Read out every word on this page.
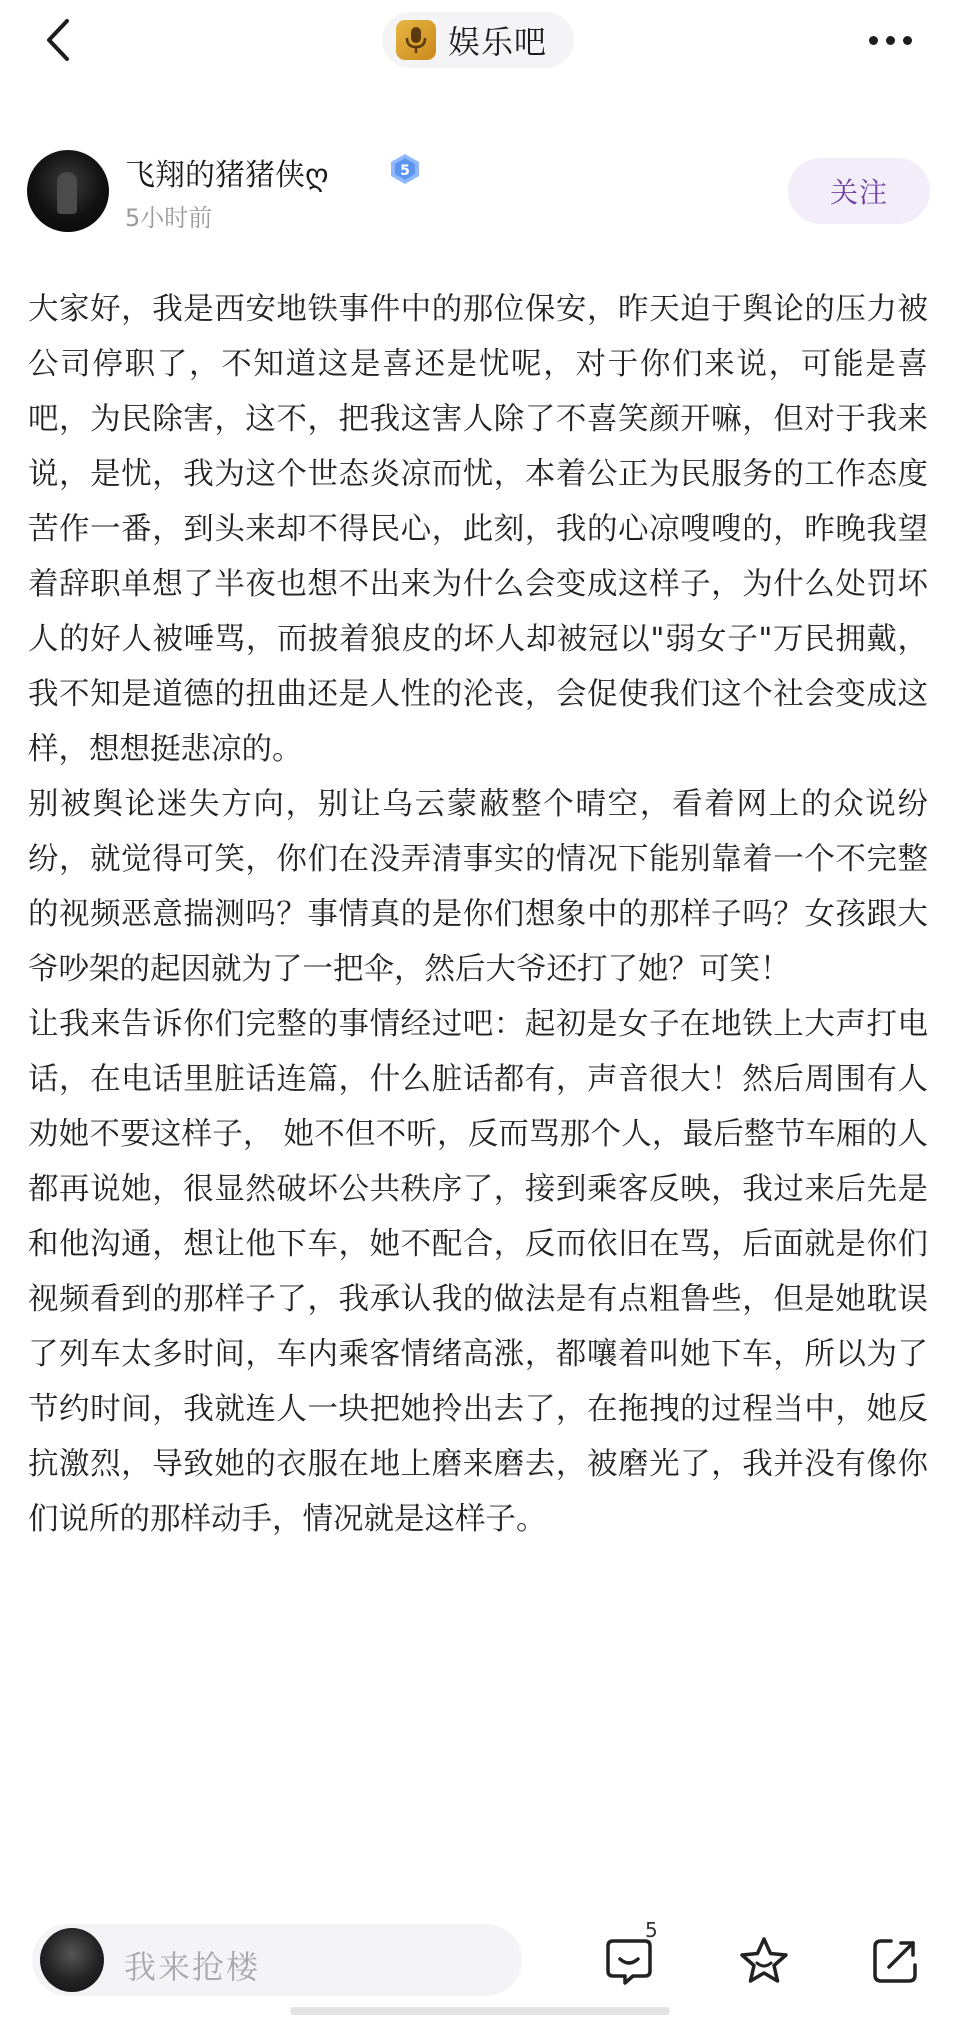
娱乐吧
飞翔的猪猪侠ღ	5
5小时前
关注

大家好，我是西安地铁事件中的那位保安，昨天迫于舆论的压力被公司停职了，不知道这是喜还是忧呢，对于你们来说，可能是喜吧，为民除害，这不，把我这害人除了不喜笑颜开嘛，但对于我来说，是忧，我为这个世态炎凉而忧，本着公正为民服务的工作态度苦作一番，到头来却不得民心，此刻，我的心凉嗖嗖的，昨晚我望着辞职单想了半夜也想不出来为什么会变成这样子，为什么处罚坏人的好人被唾骂，而披着狼皮的坏人却被冠以"弱女子"万民拥戴，我不知是道德的扭曲还是人性的沦丧，会促使我们这个社会变成这样，想想挺悲凉的。

别被舆论迷失方向，别让乌云蒙蔽整个晴空，看着网上的众说纷纷，就觉得可笑，你们在没弄清事实的情况下能别靠着一个不完整的视频恶意揣测吗？事情真的是你们想象中的那样子吗？女孩跟大爷吵架的起因就为了一把伞，然后大爷还打了她？可笑！

让我来告诉你们完整的事情经过吧：起初是女子在地铁上大声打电话，在电话里脏话连篇，什么脏话都有，声音很大！然后周围有人劝她不要这样子， 她不但不听，反而骂那个人，最后整节车厢的人都再说她，很显然破坏公共秩序了，接到乘客反映，我过来后先是和他沟通，想让他下车，她不配合，反而依旧在骂，后面就是你们视频看到的那样子了，我承认我的做法是有点粗鲁些，但是她耽误了列车太多时间，车内乘客情绪高涨，都嚷着叫她下车，所以为了节约时间，我就连人一块把她拎出去了，在拖拽的过程当中，她反抗激烈，导致她的衣服在地上磨来磨去，被磨光了，我并没有像你们说所的那样动手，情况就是这样子。

我来抢楼
5
